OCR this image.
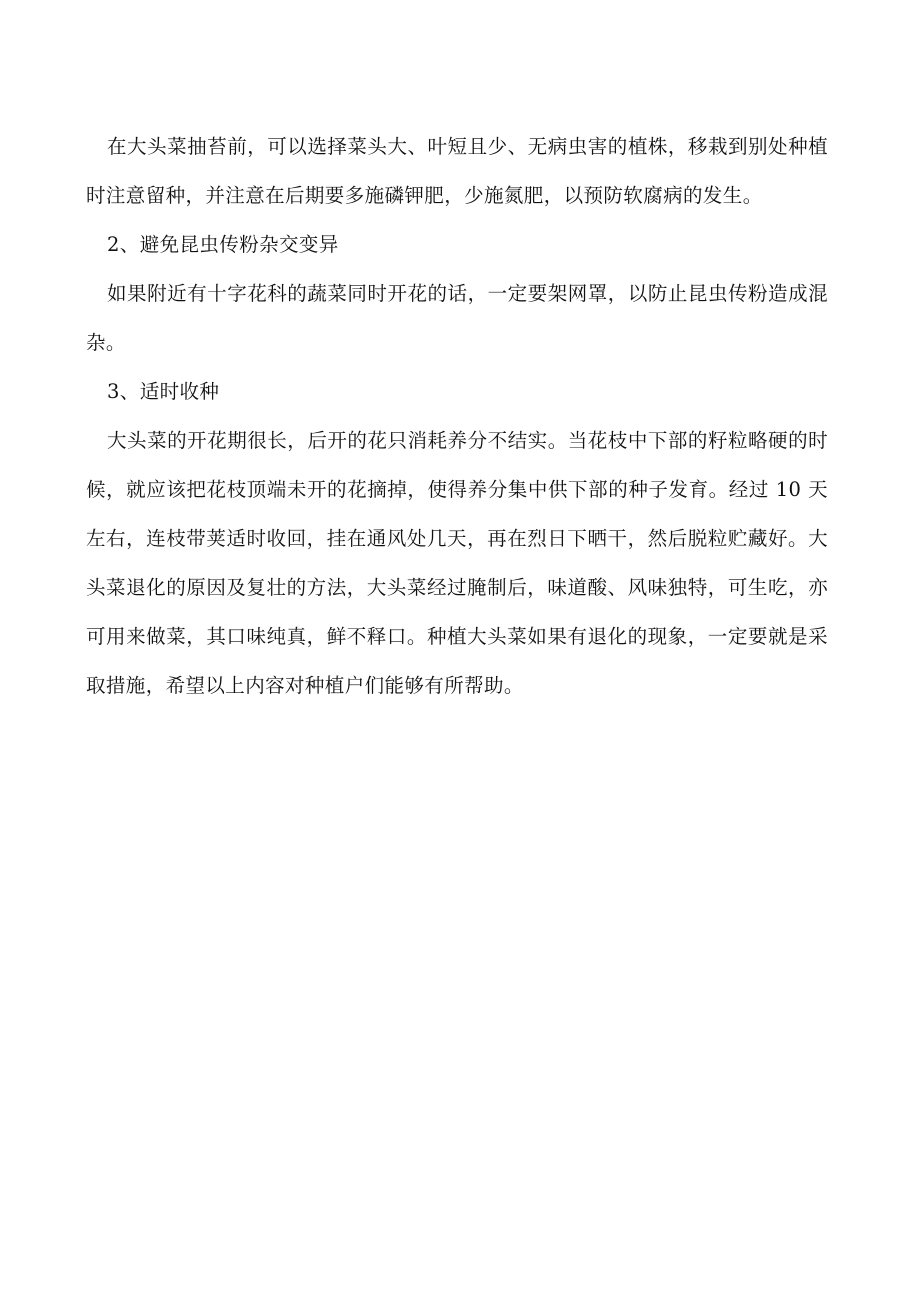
在大头菜抽苔前，可以选择菜头大、叶短且少、无病虫害的植株，移栽到别处种植时注意留种，并注意在后期要多施磷钾肥，少施氮肥，以预防软腐病的发生。

2、避免昆虫传粉杂交变异

如果附近有十字花科的蔬菜同时开花的话，一定要架网罩，以防止昆虫传粉造成混杂。

3、适时收种

大头菜的开花期很长，后开的花只消耗养分不结实。当花枝中下部的籽粒略硬的时候，就应该把花枝顶端未开的花摘掉，使得养分集中供下部的种子发育。经过 10 天左右，连枝带荚适时收回，挂在通风处几天，再在烈日下晒干，然后脱粒贮藏好。大头菜退化的原因及复壮的方法，大头菜经过腌制后，味道酸、风味独特，可生吃，亦可用来做菜，其口味纯真，鲜不释口。种植大头菜如果有退化的现象，一定要就是采取措施，希望以上内容对种植户们能够有所帮助。
